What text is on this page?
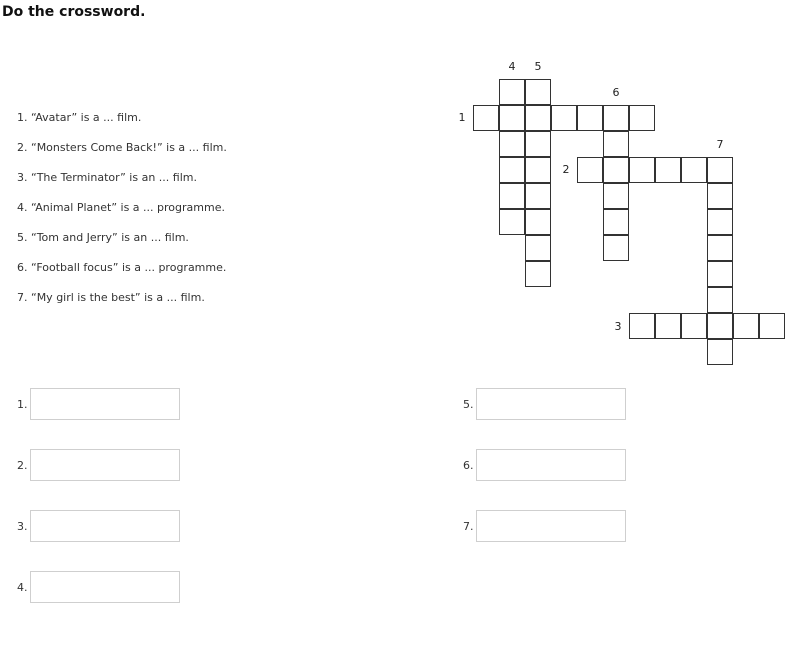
Do the crossword.
1. “Avatar” is a ... film.
2. “Monsters Come Back!” is a ... film.
3. “The Terminator” is an ... film.
4. “Animal Planet” is a ... programme.
5. “Tom and Jerry” is an ... film.
6. “Football focus” is a ... programme.
7. “My girl is the best” is a ... film.
1
2
3
4	5
6
7
1.
2.
3.
4.
5.
6.
7.
